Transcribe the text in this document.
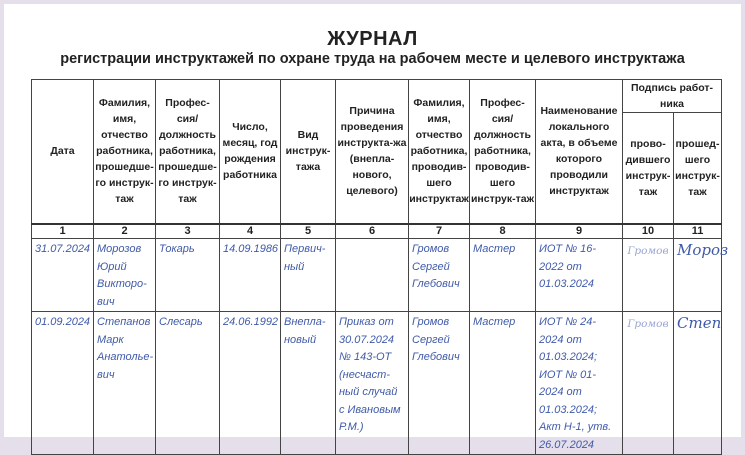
ЖУРНАЛ
регистрации инструктажей по охране труда на рабочем месте и целевого инструктажа
Дата	Фамилия, имя, отчество работника, прошедше-го инструк-таж	Профес-сия/ должность работника, прошедше-го инструк-таж	Число, месяц, год рождения работника	Вид инструк-тажа	Причина проведения инструкта-жа (внепла-нового, целевого)	Фамилия, имя, отчество работника, проводив-шего инструктаж	Профес-сия/ должность работника, проводив-шего инструк-таж	Наименование локального акта, в объеме которого проводили инструктаж	Подпись работ-ника	
									прово-дившего инструк-таж	прошед-шего инструк-таж
1	2	3	4	5	6	7	8	9	10	11
31.07.2024	Морозов Юрий Викторо-вич	Токарь	14.09.1986	Первич-ный		Громов Сергей Глебович	Мастер	ИОТ № 16-2022 от 01.03.2024	Громов	Мороз

01.09.2024	Степанов Марк Анатолье-вич	Слесарь	24.06.1992	Внепла-новый	Приказ от 30.07.2024 № 143-ОТ (несчаст-ный случай с Ивановым Р.М.)	Громов Сергей Глебович	Мастер	ИОТ № 24-2024 от 01.03.2024; ИОТ № 01-2024 от 01.03.2024; Акт Н-1, утв. 26.07.2024	Громов	Степ
